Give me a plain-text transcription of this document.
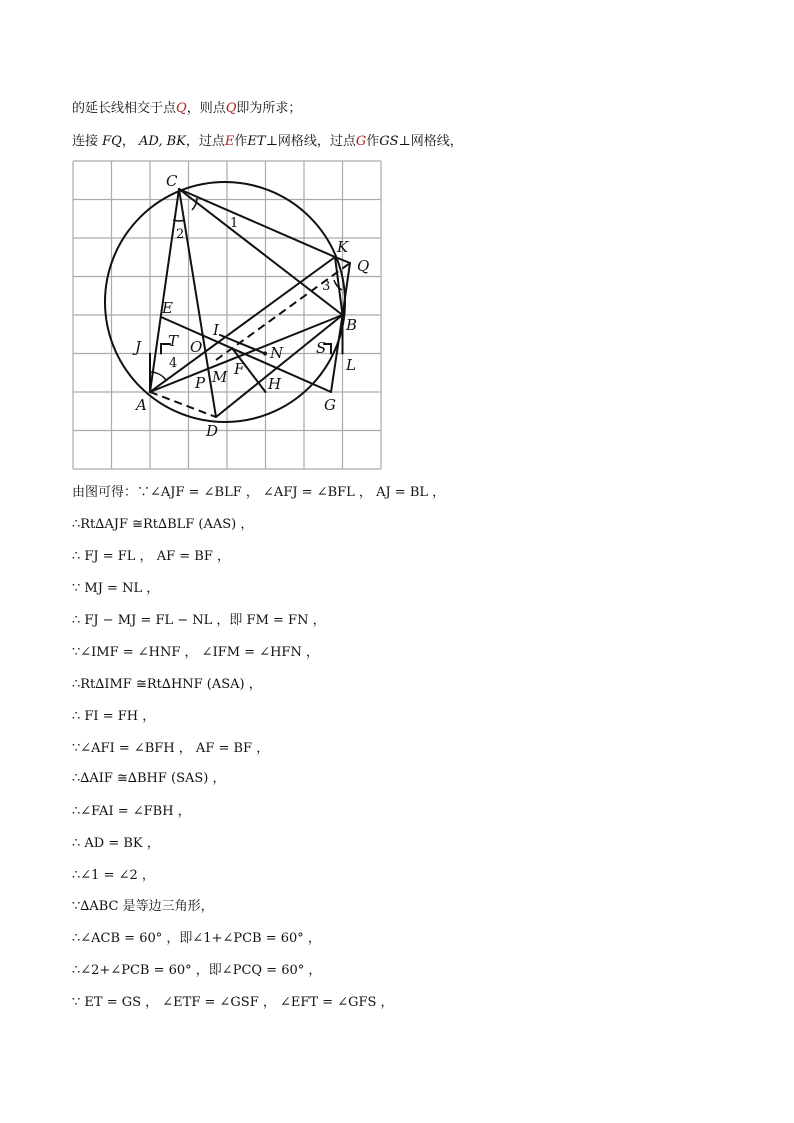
的延长线相交于点Q，则点Q即为所求；
连接 FQ， AD, BK，过点E作ET⊥网格线，过点G作GS⊥网格线，
C
K
Q
B
E
J T O
I
N S
L
P M F
H
A	G
D
1
2
3
4
由图可得：∵∠AJF = ∠BLF ， ∠AFJ = ∠BFL ， AJ = BL ，
∴Rt∆AJF ≅Rt∆BLF (AAS) ，
∴ FJ = FL ， AF = BF ，
∵ MJ = NL ，
∴ FJ − MJ = FL − NL ，即 FM = FN ，
∵∠IMF = ∠HNF ， ∠IFM = ∠HFN ，
∴Rt∆IMF ≅Rt∆HNF (ASA) ，
∴ FI = FH ，
∵∠AFI = ∠BFH ， AF = BF ，
∴∆AIF ≅∆BHF (SAS) ，
∴∠FAI = ∠FBH ，
∴ AD = BK ，
∴∠1 = ∠2 ，
∵∆ABC 是等边三角形，
∴∠ACB = 60° ，即∠1+∠PCB = 60° ，
∴∠2+∠PCB = 60° ，即∠PCQ = 60° ，
∵ ET = GS ， ∠ETF = ∠GSF ， ∠EFT = ∠GFS ，
